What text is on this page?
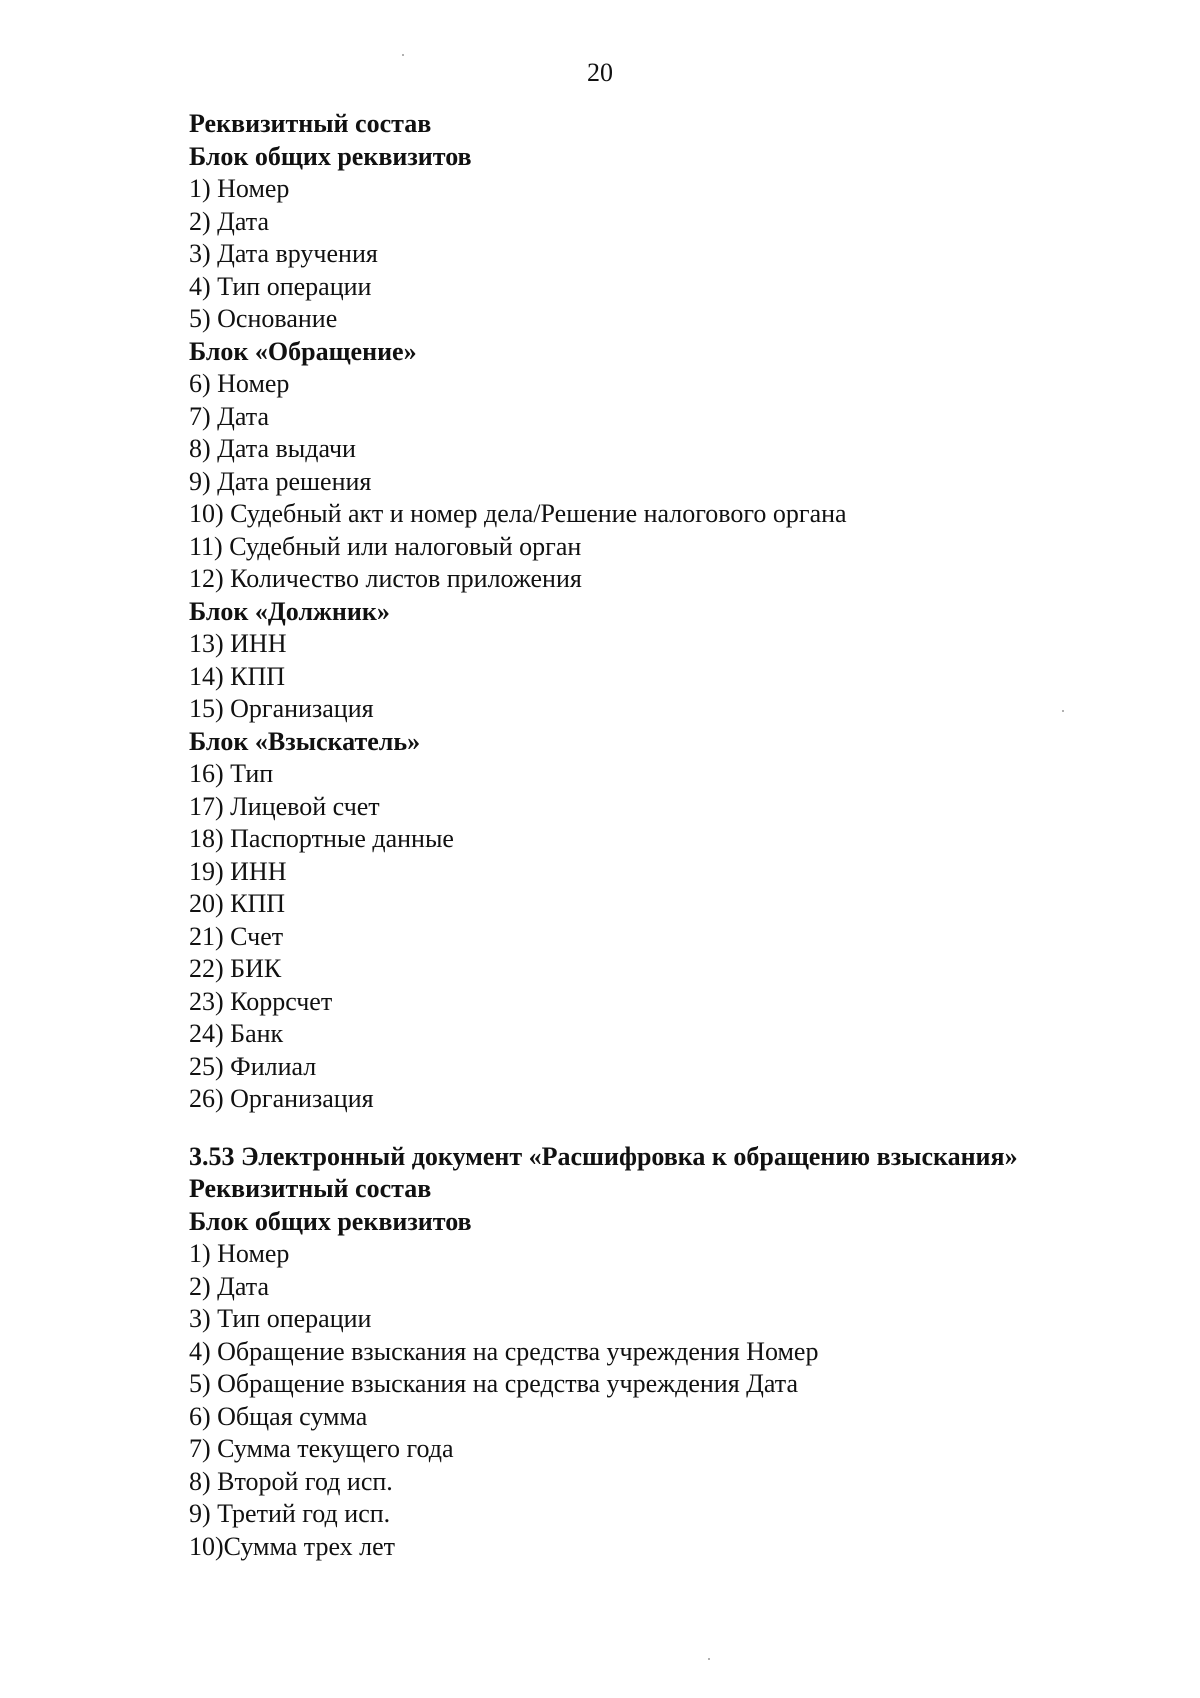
20
Реквизитный состав
Блок общих реквизитов
1) Номер
2) Дата
3) Дата вручения
4) Тип операции
5) Основание
Блок «Обращение»
6) Номер
7) Дата
8) Дата выдачи
9) Дата решения
10) Судебный акт и номер дела/Решение налогового органа
11) Судебный или налоговый орган
12) Количество листов приложения
Блок «Должник»
13) ИНН
14) КПП
15) Организация
Блок «Взыскатель»
16) Тип
17) Лицевой счет
18) Паспортные данные
19) ИНН
20) КПП
21) Счет
22) БИК
23) Коррсчет
24) Банк
25) Филиал
26) Организация
3.53 Электронный документ «Расшифровка к обращению взыскания»
Реквизитный состав
Блок общих реквизитов
1) Номер
2) Дата
3) Тип операции
4) Обращение взыскания на средства учреждения Номер
5) Обращение взыскания на средства учреждения Дата
6) Общая сумма
7) Сумма текущего года
8) Второй год исп.
9) Третий год исп.
10)Сумма трех лет
